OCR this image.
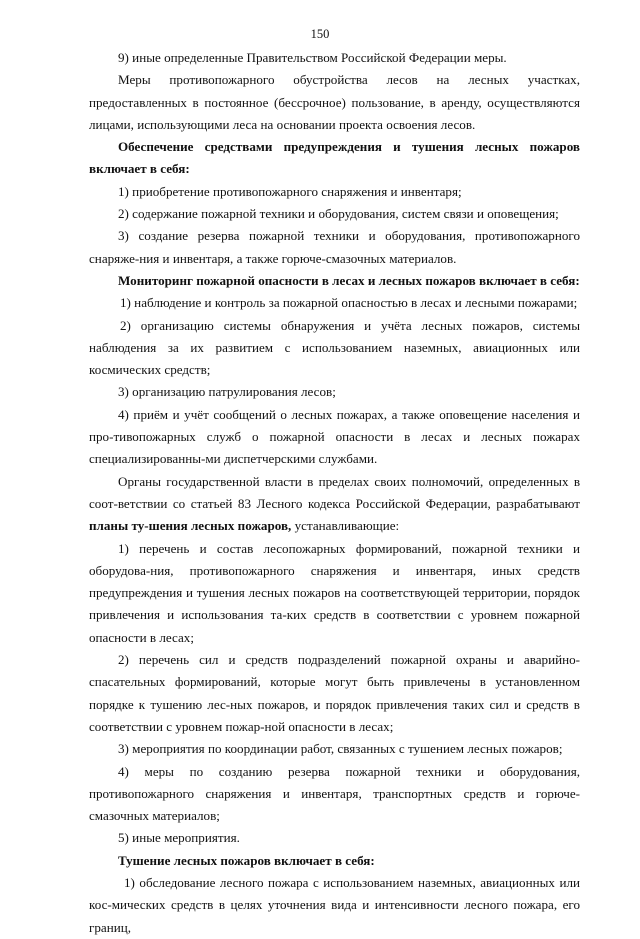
150

9) иные определенные Правительством Российской Федерации меры.

Меры противопожарного обустройства лесов на лесных участках, предоставленных в постоянное (бессрочное) пользование, в аренду, осуществляются лицами, использующими леса на основании проекта освоения лесов.

Обеспечение средствами предупреждения и тушения лесных пожаров включает в себя:

1) приобретение противопожарного снаряжения и инвентаря;

2) содержание пожарной техники и оборудования, систем связи и оповещения;

3) создание резерва пожарной техники и оборудования, противопожарного снаряже-ния и инвентаря, а также горюче-смазочных материалов.

Мониторинг пожарной опасности в лесах и лесных пожаров включает в себя:

1) наблюдение и контроль за пожарной опасностью в лесах и лесными пожарами;

2) организацию системы обнаружения и учёта лесных пожаров, системы наблюдения за их развитием с использованием наземных, авиационных или космических средств;

3) организацию патрулирования лесов;

4) приём и учёт сообщений о лесных пожарах, а также оповещение населения и про-тивопожарных служб о пожарной опасности в лесах и лесных пожарах специализированны-ми диспетчерскими службами.

Органы государственной власти в пределах своих полномочий, определенных в соот-ветствии со статьей 83 Лесного кодекса Российской Федерации, разрабатывают планы ту-шения лесных пожаров, устанавливающие:

1) перечень и состав лесопожарных формирований, пожарной техники и оборудова-ния, противопожарного снаряжения и инвентаря, иных средств предупреждения и тушения лесных пожаров на соответствующей территории, порядок привлечения и использования та-ких средств в соответствии с уровнем пожарной опасности в лесах;

2) перечень сил и средств подразделений пожарной охраны и аварийно-спасательных формирований, которые могут быть привлечены в установленном порядке к тушению лес-ных пожаров, и порядок привлечения таких сил и средств в соответствии с уровнем пожар-ной опасности в лесах;

3) мероприятия по координации работ, связанных с тушением лесных пожаров;

4) меры по созданию резерва пожарной техники и оборудования, противопожарного снаряжения и инвентаря, транспортных средств и горюче-смазочных материалов;

5) иные мероприятия.

Тушение лесных пожаров включает в себя:

1) обследование лесного пожара с использованием наземных, авиационных или кос-мических средств в целях уточнения вида и интенсивности лесного пожара, его границ,
